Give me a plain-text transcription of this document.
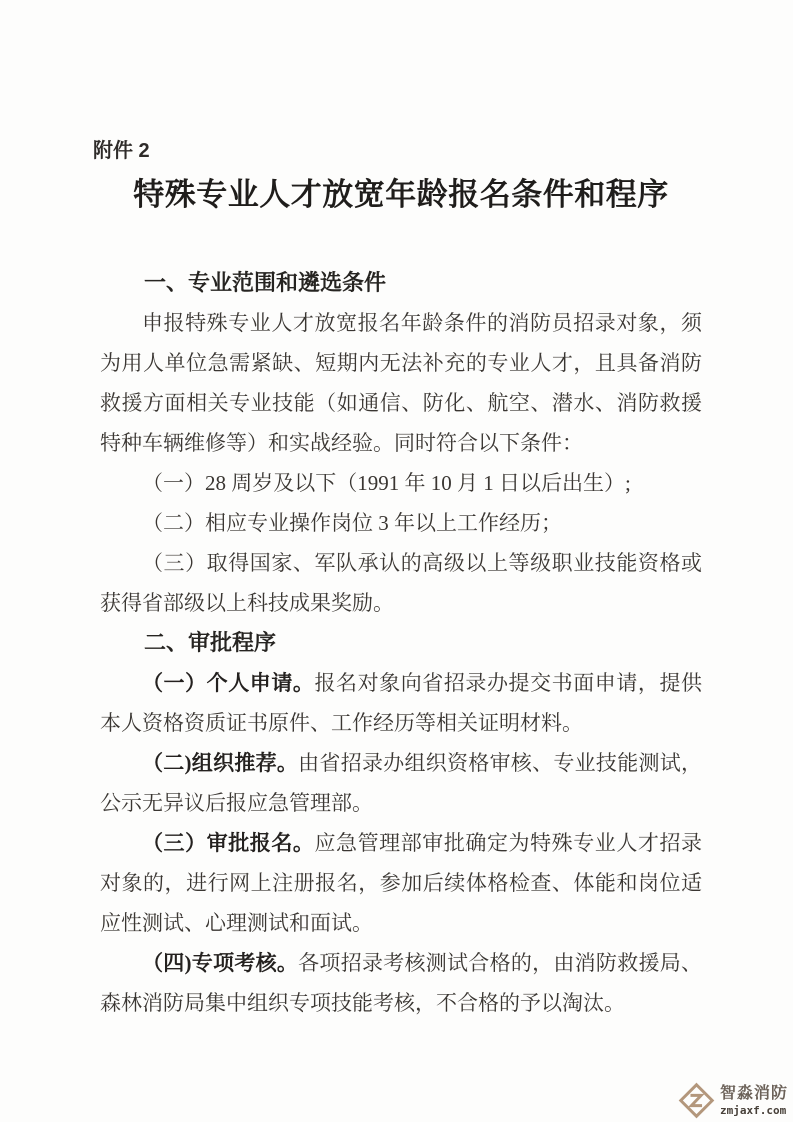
附件 2
特殊专业人才放宽年龄报名条件和程序
一、专业范围和遴选条件

申报特殊专业人才放宽报名年龄条件的消防员招录对象，须为用人单位急需紧缺、短期内无法补充的专业人才，且具备消防救援方面相关专业技能（如通信、防化、航空、潜水、消防救援特种车辆维修等）和实战经验。同时符合以下条件：

（一）28 周岁及以下（1991 年 10 月 1 日以后出生）;

（二）相应专业操作岗位 3 年以上工作经历；

（三）取得国家、军队承认的高级以上等级职业技能资格或获得省部级以上科技成果奖励。

二、审批程序

（一）个人申请。报名对象向省招录办提交书面申请，提供本人资格资质证书原件、工作经历等相关证明材料。

（二)组织推荐。由省招录办组织资格审核、专业技能测试，公示无异议后报应急管理部。

（三）审批报名。应急管理部审批确定为特殊专业人才招录对象的，进行网上注册报名，参加后续体格检查、体能和岗位适应性测试、心理测试和面试。

（四)专项考核。各项招录考核测试合格的，由消防救援局、森林消防局集中组织专项技能考核，不合格的予以淘汰。

智淼消防
zmjaxf.com
